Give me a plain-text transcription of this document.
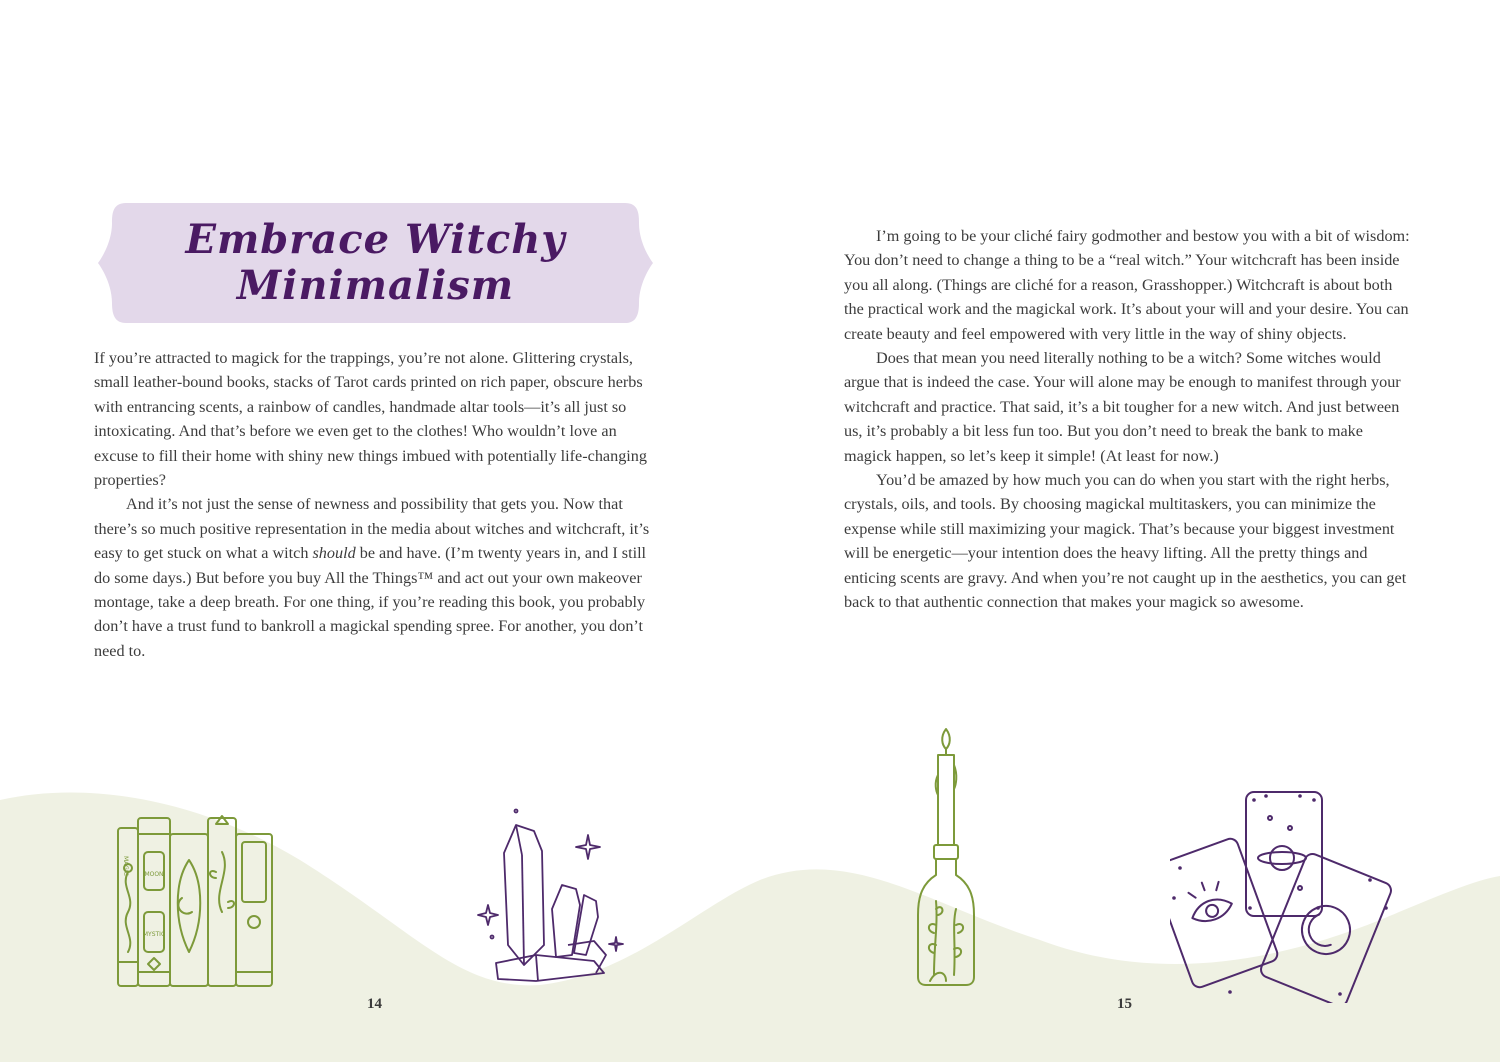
Embrace Witchy
Minimalism

If you’re attracted to magick for the trappings, you’re not alone. Glittering crystals, small leather-bound books, stacks of Tarot cards printed on rich paper, obscure herbs with entrancing scents, a rainbow of candles, handmade altar tools—it’s all just so intoxicating. And that’s before we even get to the clothes! Who wouldn’t love an excuse to fill their home with shiny new things imbued with potentially life-changing properties?

And it’s not just the sense of newness and possibility that gets you. Now that there’s so much positive representation in the media about witches and witchcraft, it’s easy to get stuck on what a witch should be and have. (I’m twenty years in, and I still do some days.) But before you buy All the Things™ and act out your own makeover montage, take a deep breath. For one thing, if you’re reading this book, you probably don’t have a trust fund to bankroll a magickal spending spree. For another, you don’t need to.

MAGIC	MOON
MYSTIC
14

I’m going to be your cliché fairy godmother and bestow you with a bit of wisdom: You don’t need to change a thing to be a “real witch.” Your witchcraft has been inside you all along. (Things are cliché for a reason, Grasshopper.) Witchcraft is about both the practical work and the magickal work. It’s about your will and your desire. You can create beauty and feel empowered with very little in the way of shiny objects.

Does that mean you need literally nothing to be a witch? Some witches would argue that is indeed the case. Your will alone may be enough to manifest through your witchcraft and practice. That said, it’s a bit tougher for a new witch. And just between us, it’s probably a bit less fun too. But you don’t need to break the bank to make magick happen, so let’s keep it simple! (At least for now.)

You’d be amazed by how much you can do when you start with the right herbs, crystals, oils, and tools. By choosing magickal multitaskers, you can minimize the expense while still maximizing your magick. That’s because your biggest investment will be energetic—your intention does the heavy lifting. All the pretty things and enticing scents are gravy. And when you’re not caught up in the aesthetics, you can get back to that authentic connection that makes your magick so awesome.

15
